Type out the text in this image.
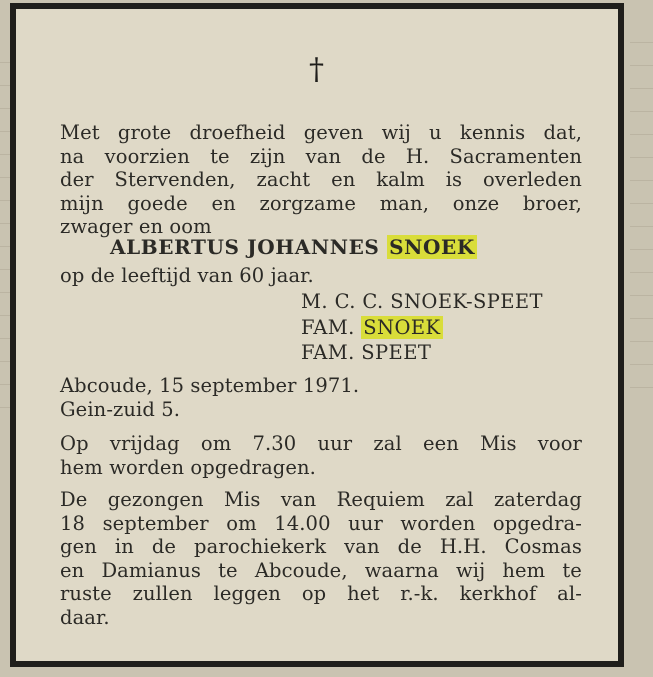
†
Met grote droefheid geven wij u kennis dat,
na voorzien te zijn van de H. Sacramenten
der Stervenden, zacht en kalm is overleden
mijn goede en zorgzame man, onze broer,
zwager en oom
ALBERTUS JOHANNES SNOEK
op de leeftijd van 60 jaar.
M. C. C. SNOEK-SPEET
FAM. SNOEK
FAM. SPEET
Abcoude, 15 september 1971.
Gein-zuid 5.
Op vrijdag om 7.30 uur zal een Mis voor
hem worden opgedragen.
De gezongen Mis van Requiem zal zaterdag
18 september om 14.00 uur worden opgedra-
gen in de parochiekerk van de H.H. Cosmas
en Damianus te Abcoude, waarna wij hem te
ruste zullen leggen op het r.-k. kerkhof al-
daar.
